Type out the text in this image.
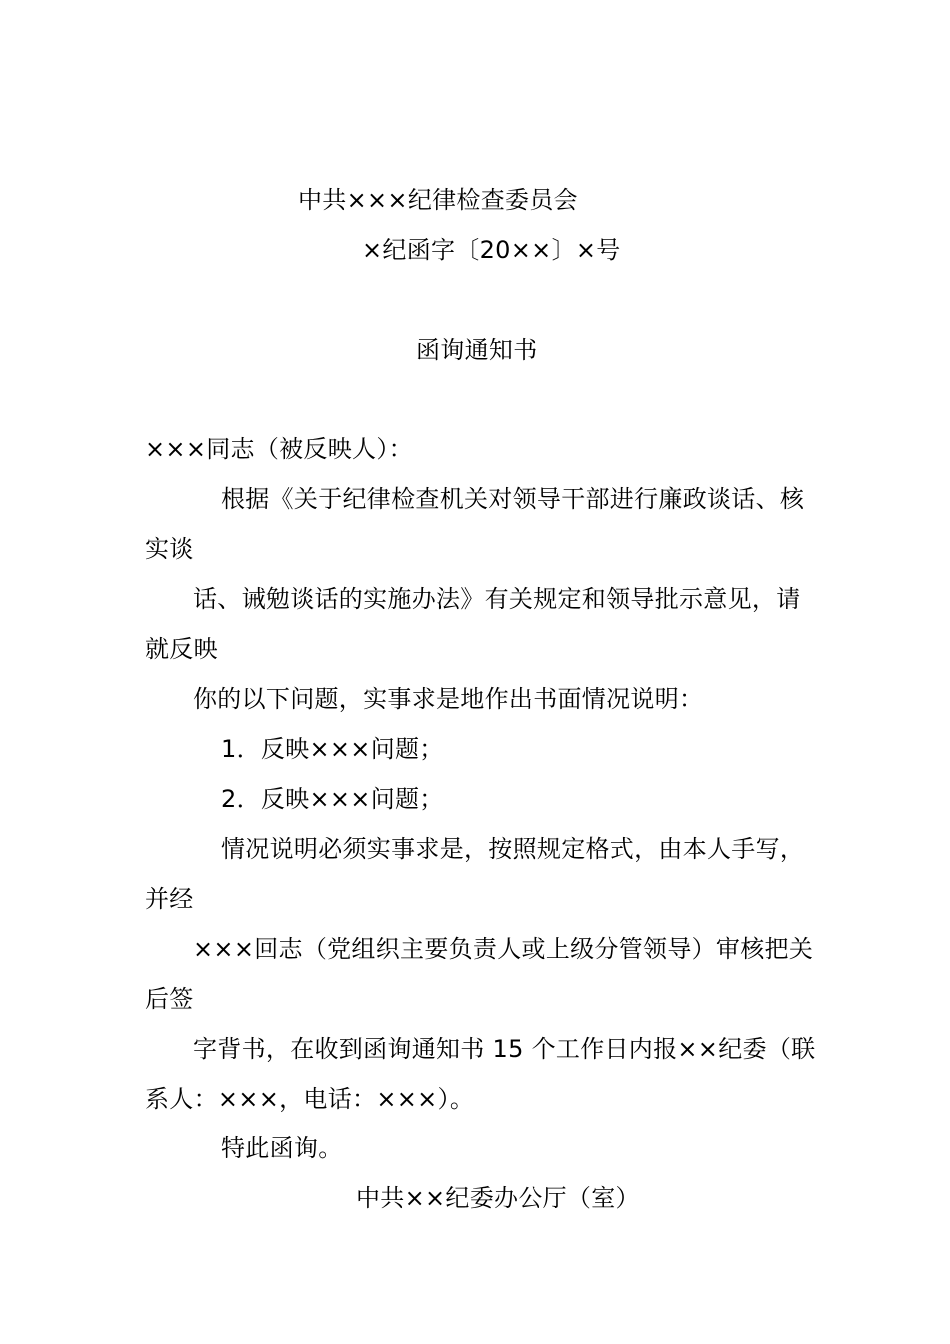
中共×××纪律检查委员会
×纪函字〔20××〕×号
函询通知书
×××同志（被反映人）：
根据《关于纪律检查机关对领导干部进行廉政谈话、核
实谈
话、诫勉谈话的实施办法》有关规定和领导批示意见，请
就反映
你的以下问题，实事求是地作出书面情况说明：
1．反映×××问题；
2．反映×××问题；
情况说明必须实事求是，按照规定格式，由本人手写，
并经
×××回志（党组织主要负责人或上级分管领导）审核把关
后签
字背书，在收到函询通知书 15 个工作日内报××纪委（联
系人：×××，电话：×××）。
特此函询。
中共××纪委办公厅（室）
